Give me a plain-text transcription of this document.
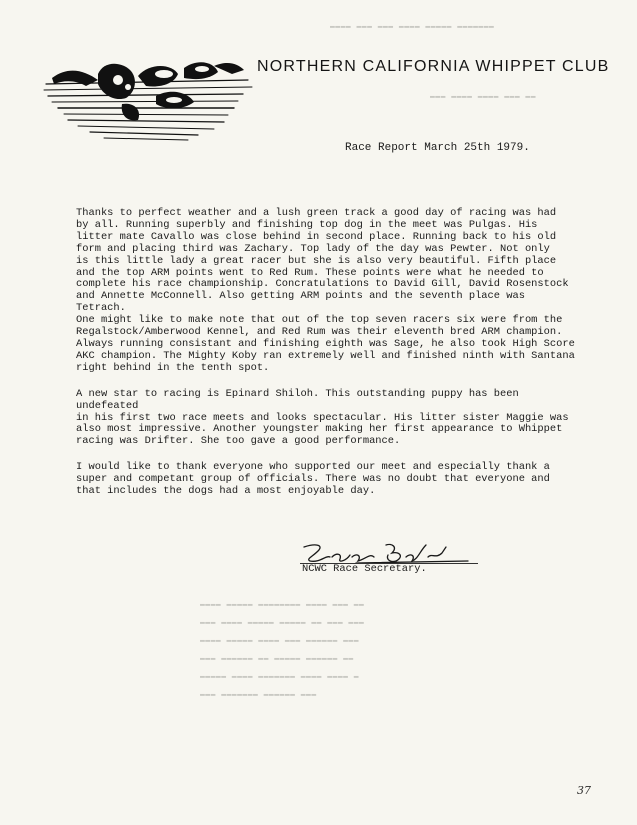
▬▬▬▬ ▬▬▬ ▬▬▬ ▬▬▬▬ ▬▬▬▬▬ ▬▬▬▬▬▬▬
▬▬▬ ▬▬▬▬ ▬▬▬▬ ▬▬▬ ▬▬
▬▬▬▬ ▬▬▬▬▬ ▬▬▬▬▬▬▬▬ ▬▬▬▬ ▬▬▬ ▬▬
▬▬▬ ▬▬▬▬ ▬▬▬▬▬ ▬▬▬▬▬ ▬▬ ▬▬▬ ▬▬▬
▬▬▬▬ ▬▬▬▬▬ ▬▬▬▬ ▬▬▬ ▬▬▬▬▬▬ ▬▬▬
▬▬▬ ▬▬▬▬▬▬ ▬▬ ▬▬▬▬▬ ▬▬▬▬▬▬ ▬▬
▬▬▬▬▬ ▬▬▬▬ ▬▬▬▬▬▬▬ ▬▬▬▬ ▬▬▬▬ ▬
▬▬▬ ▬▬▬▬▬▬▬ ▬▬▬▬▬▬ ▬▬▬
NORTHERN CALIFORNIA WHIPPET CLUB
Race Report March 25th 1979.

Thanks to perfect weather and a lush green track a good day of racing was had
by all. Running superbly and finishing top dog in the meet was Pulgas. His
litter mate Cavallo was close behind in second place. Running back to his old
form and placing third was Zachary. Top lady of the day was Pewter. Not only
is this little lady a great racer but she is also very beautiful. Fifth place
and the top ARM points went to Red Rum. These points were what he needed to
complete his race championship. Concratulations to David Gill, David Rosenstock
and Annette McConnell. Also getting ARM points and the seventh place was Tetrach.
One might like to make note that out of the top seven racers six were from the
Regalstock/Amberwood Kennel, and Red Rum was their eleventh bred ARM champion.
Always running consistant and finishing eighth was Sage, he also took High Score
AKC champion. The Mighty Koby ran extremely well and finished ninth with Santana
right behind in the tenth spot.

A new star to racing is Epinard Shiloh. This outstanding puppy has been undefeated
in his first two race meets and looks spectacular. His litter sister Maggie was
also most impressive. Another youngster making her first appearance to Whippet
racing was Drifter. She too gave a good performance.

I would like to thank everyone who supported our meet and especially thank a
super and competant group of officials. There was no doubt that everyone and
that includes the dogs had a most enjoyable day.

NCWC Race Secretary.
37
